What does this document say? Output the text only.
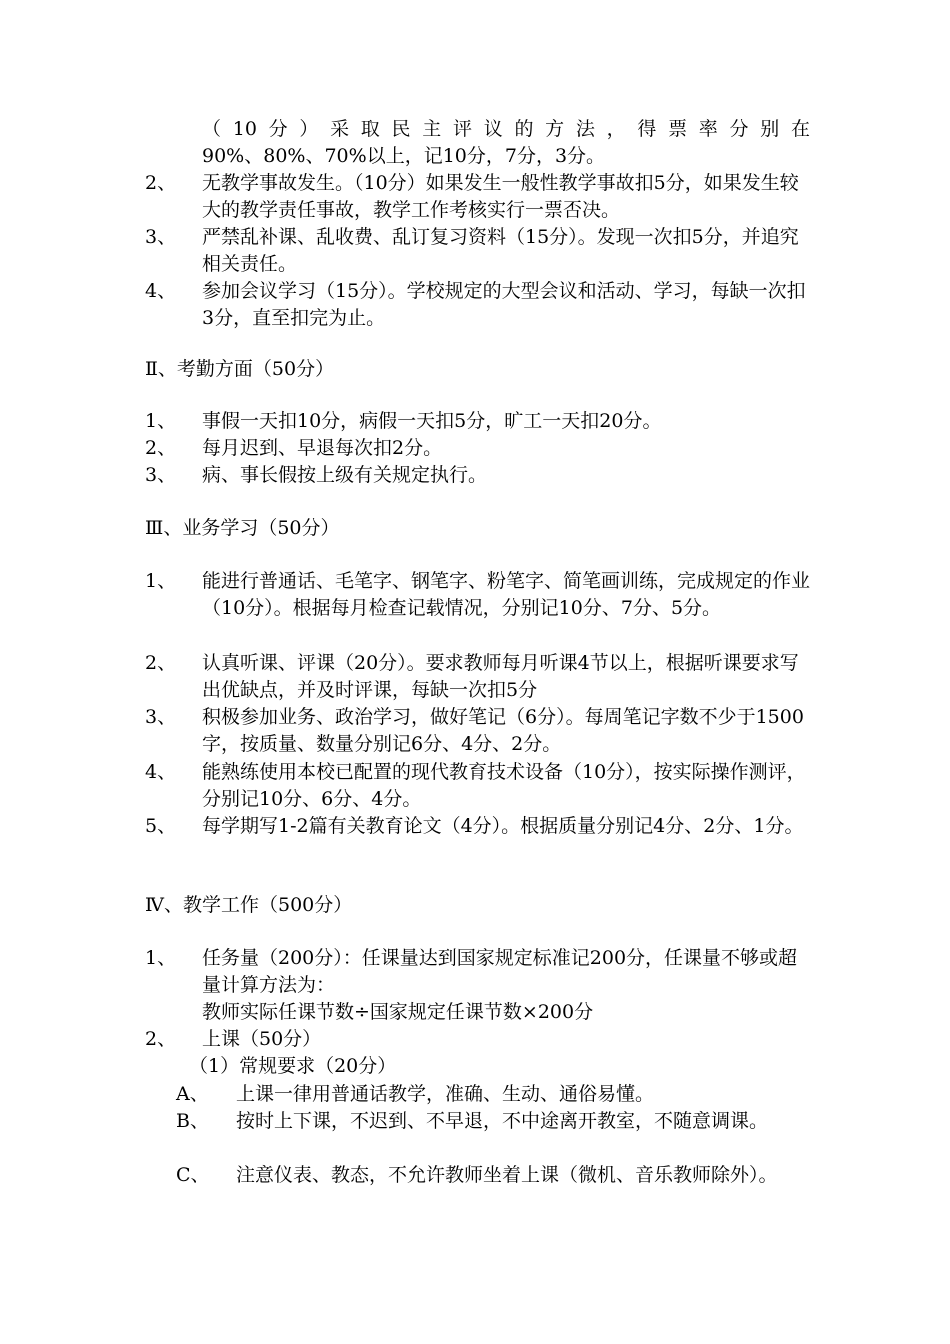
（10分）采取民主评议的方法，得票率分别在
90%、80%、70%以上，记10分，7分，3分。
2、	无教学事故发生。（10分）如果发生一般性教学事故扣5分，如果发生较大的教学责任事故，教学工作考核实行一票否决。
3、	严禁乱补课、乱收费、乱订复习资料（15分）。发现一次扣5分，并追究相关责任。
4、	参加会议学习（15分）。学校规定的大型会议和活动、学习，每缺一次扣3分，直至扣完为止。
Ⅱ、考勤方面（50分）
1、	事假一天扣10分，病假一天扣5分，旷工一天扣20分。
2、	每月迟到、早退每次扣2分。
3、	病、事长假按上级有关规定执行。
Ⅲ、业务学习（50分）
1、	能进行普通话、毛笔字、钢笔字、粉笔字、简笔画训练，完成规定的作业（10分）。根据每月检查记载情况，分别记10分、7分、5分。
2、	认真听课、评课（20分）。要求教师每月听课4节以上，根据听课要求写出优缺点，并及时评课，每缺一次扣5分
3、	积极参加业务、政治学习，做好笔记（6分）。每周笔记字数不少于1500字，按质量、数量分别记6分、4分、2分。
4、	能熟练使用本校已配置的现代教育技术设备（10分），按实际操作测评，分别记10分、6分、4分。
5、	每学期写1-2篇有关教育论文（4分）。根据质量分别记4分、2分、1分。
Ⅳ、教学工作（500分）
1、	任务量（200分）：任课量达到国家规定标准记200分，任课量不够或超量计算方法为：
教师实际任课节数÷国家规定任课节数×200分
2、	上课（50分）
（1）常规要求（20分）
A、	上课一律用普通话教学，准确、生动、通俗易懂。
B、	按时上下课，不迟到、不早退，不中途离开教室，不随意调课。
C、	注意仪表、教态，不允许教师坐着上课（微机、音乐教师除外）。
